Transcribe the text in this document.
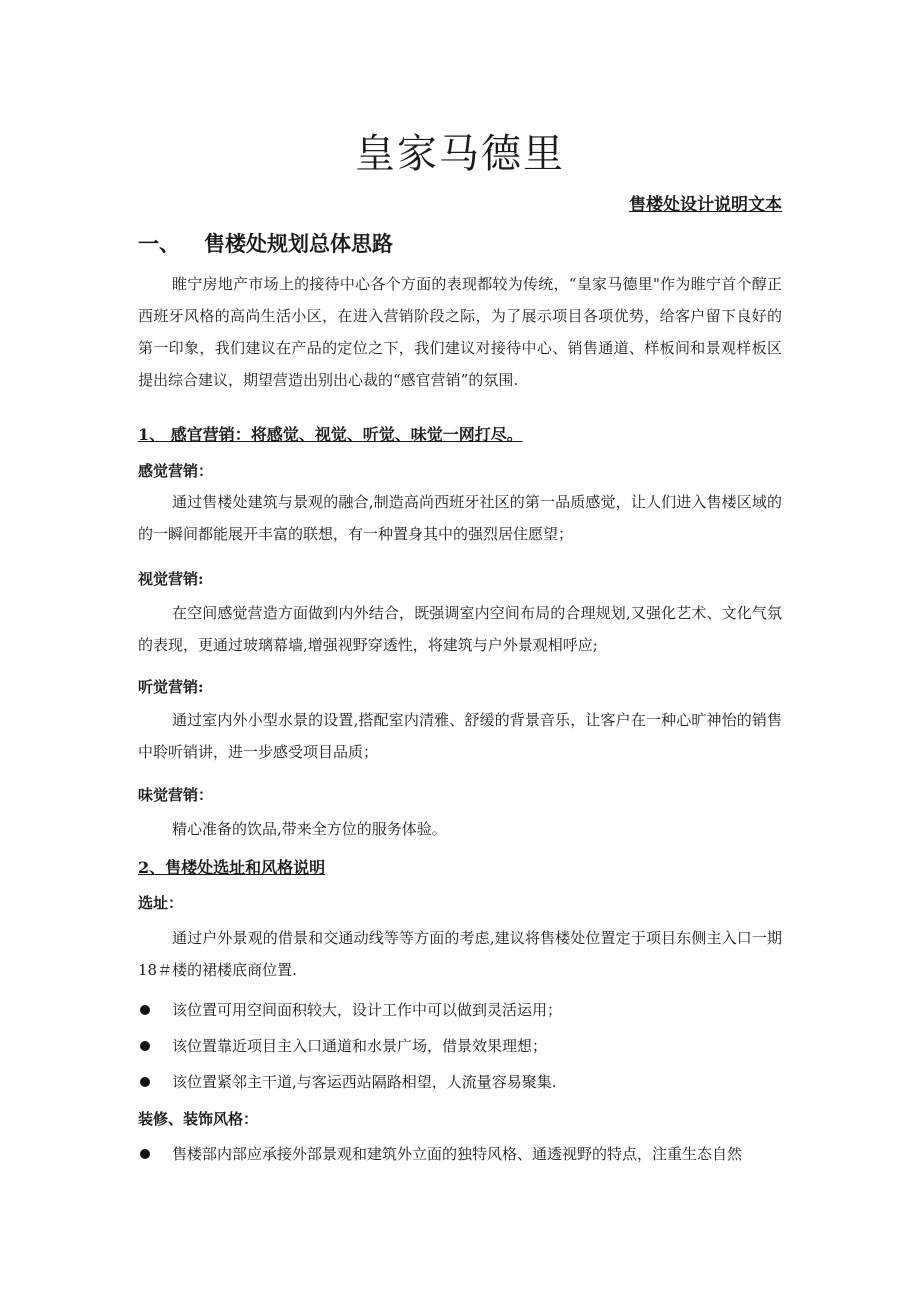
皇家马德里
售楼处设计说明文本
一、 售楼处规划总体思路
睢宁房地产市场上的接待中心各个方面的表现都较为传统，“皇家马德里"作为睢宁首个醇正西班牙风格的高尚生活小区，在进入营销阶段之际，为了展示项目各项优势，给客户留下良好的第一印象，我们建议在产品的定位之下，我们建议对接待中心、销售通道、样板间和景观样板区提出综合建议，期望营造出别出心裁的“感官营销”的氛围.
1、 感官营销：将感觉、视觉、听觉、味觉一网打尽。
感觉营销：
通过售楼处建筑与景观的融合,制造高尚西班牙社区的第一品质感觉，让人们进入售楼区域的的一瞬间都能展开丰富的联想，有一种置身其中的强烈居住愿望；
视觉营销:
在空间感觉营造方面做到内外结合，既强调室内空间布局的合理规划,又强化艺术、文化气氛的表现，更通过玻璃幕墙,增强视野穿透性，将建筑与户外景观相呼应;
听觉营销:
通过室内外小型水景的设置,搭配室内清雅、舒缓的背景音乐，让客户在一种心旷神怡的销售中聆听销讲，进一步感受项目品质；
味觉营销：
精心准备的饮品,带来全方位的服务体验。
2、售楼处选址和风格说明
选址：
通过户外景观的借景和交通动线等等方面的考虑,建议将售楼处位置定于项目东侧主入口一期 18＃楼的裙楼底商位置.
该位置可用空间面积较大，设计工作中可以做到灵活运用；
该位置靠近项目主入口通道和水景广场，借景效果理想；
该位置紧邻主干道,与客运西站隔路相望，人流量容易聚集.
装修、装饰风格：
售楼部内部应承接外部景观和建筑外立面的独特风格、通透视野的特点，注重生态自然
